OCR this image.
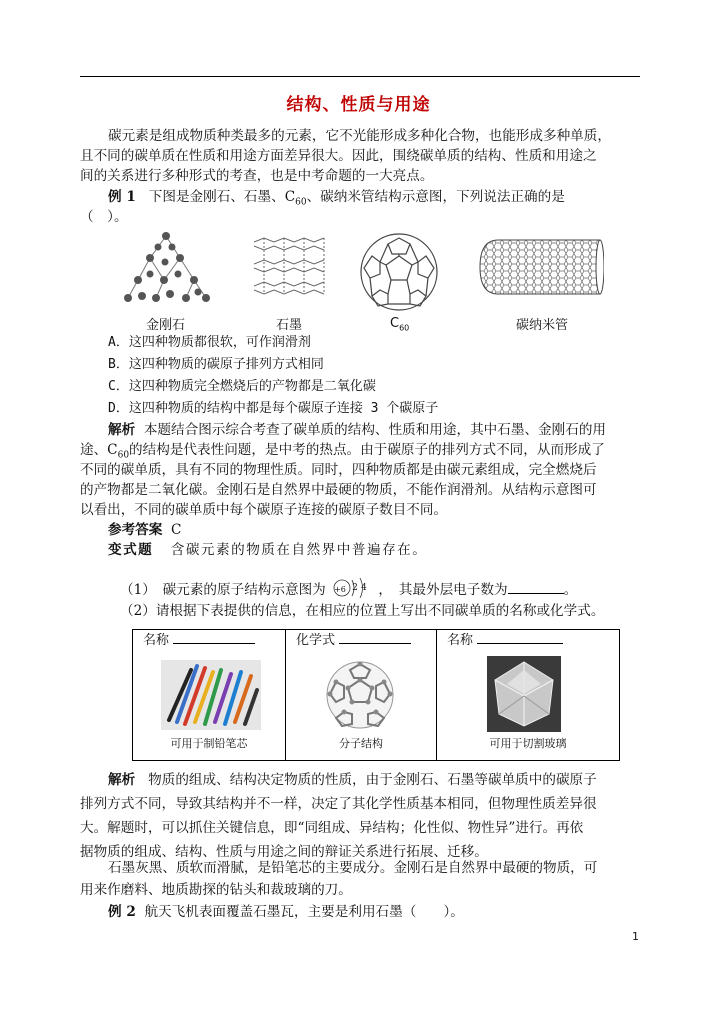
结构、性质与用途
碳元素是组成物质种类最多的元素，它不光能形成多种化合物，也能形成多种单质，
且不同的碳单质在性质和用途方面差异很大。因此，围绕碳单质的结构、性质和用途之
间的关系进行多种形式的考查，也是中考命题的一大亮点。
例 1 下图是金刚石、石墨、$C_{60}$、碳纳米管结构示意图，下列说法正确的是
（　）。
金刚石	石墨	$C_{60}$	碳纳米管
A．这四种物质都很软，可作润滑剂
B．这四种物质的碳原子排列方式相同
C．这四种物质完全燃烧后的产物都是二氧化碳
D．这四种物质的结构中都是每个碳原子连接 3 个碳原子
解析 本题结合图示综合考查了碳单质的结构、性质和用途，其中石墨、金刚石的用
途、$C_{60}$的结构是代表性问题，是中考的热点。由于碳原子的排列方式不同，从而形成了
不同的碳单质，具有不同的物理性质。同时，四种物质都是由碳元素组成，完全燃烧后
的产物都是二氧化碳。金刚石是自然界中最硬的物质，不能作润滑剂。从结构示意图可
以看出，不同的碳单质中每个碳原子连接的碳原子数目不同。
参考答案 C
变式题 含碳元素的物质在自然界中普遍存在。
（1）　碳元素的原子结构示意图为 +6 2 4 ，　其最外层电子数为	。
（2）请根据下表提供的信息，在相应的位置上写出不同碳单质的名称或化学式。
名称
可用于制铅笔芯

化学式
分子结构

名称
可用于切割玻璃
解析 物质的组成、结构决定物质的性质，由于金刚石、石墨等碳单质中的碳原子
排列方式不同，导致其结构并不一样，决定了其化学性质基本相同，但物理性质差异很
大。解题时，可以抓住关键信息，即“同组成、异结构；化性似、物性异”进行。再依
据物质的组成、结构、性质与用途之间的辩证关系进行拓展、迁移。
石墨灰黑、质软而滑腻，是铅笔芯的主要成分。金刚石是自然界中最硬的物质，可
用来作磨料、地质勘探的钻头和裁玻璃的刀。
例 2 航天飞机表面覆盖石墨瓦，主要是利用石墨（　　）。
1
